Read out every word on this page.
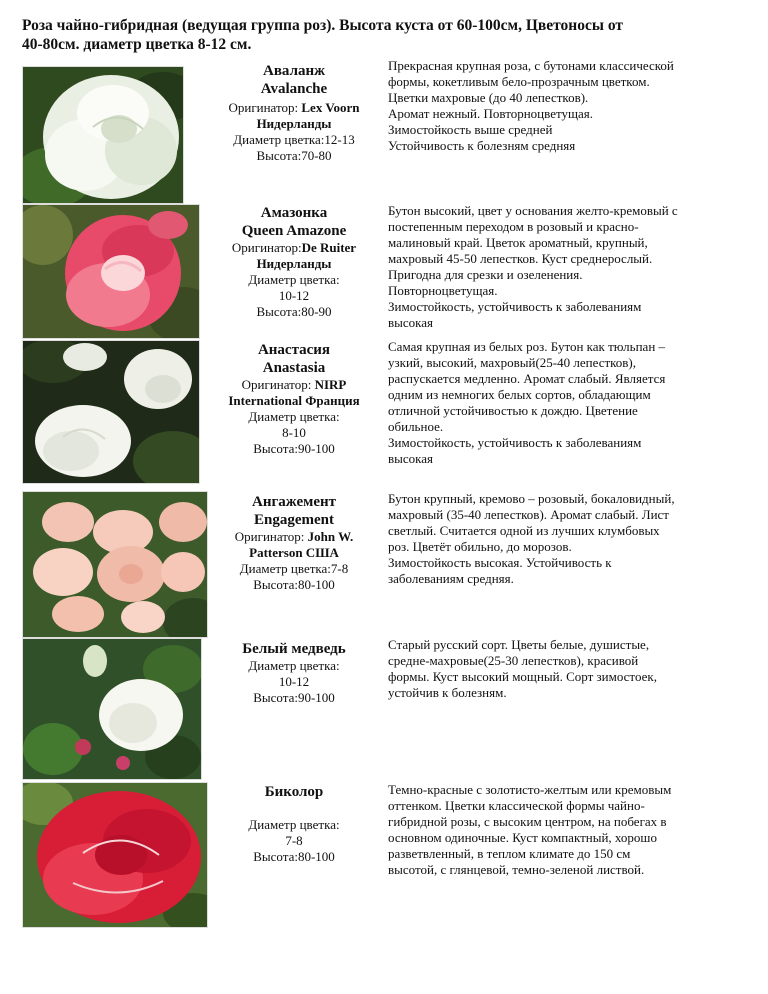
Роза чайно-гибридная (ведущая группа роз). Высота куста от 60-100см, Цветоносы от
40-80см. диаметр цветка 8-12 см.
Аваланж
Avalanche
Оригинатор: Lex Voorn
Нидерланды
Диаметр цветка:12-13
Высота:70-80
Прекрасная крупная роза, с бутонами классической
формы, кокетливым бело-прозрачным цветком.
Цветки махровые (до 40 лепестков).
Аромат нежный. Повторноцветущая.
Зимостойкость выше средней
Устойчивость к болезням средняя
Амазонка
Queen Amazone
Оригинатор:De Ruiter
Нидерланды
Диаметр цветка:
10-12
Высота:80-90
Бутон высокий, цвет у основания желто-кремовый с
постепенным переходом в розовый и красно-
малиновый край. Цветок ароматный, крупный,
махровый 45-50 лепестков. Куст среднерослый.
Пригодна для срезки и озеленения.
Повторноцветущая.
Зимостойкость, устойчивость к заболеваниям
высокая
Анастасия
Anastasia
Оригинатор: NIRP
International Франция
Диаметр цветка:
8-10
Высота:90-100
Самая крупная из белых роз. Бутон как тюльпан –
узкий, высокий, махровый(25-40 лепестков),
распускается медленно. Аромат слабый. Является
одним из немногих белых сортов, обладающим
отличной устойчивостью к дождю. Цветение
обильное.
Зимостойкость, устойчивость к заболеваниям
высокая
Ангажемент
Engagement
Оригинатор: John W.
Patterson США
Диаметр цветка:7-8
Высота:80-100
Бутон крупный, кремово – розовый, бокаловидный,
махровый (35-40 лепестков). Аромат слабый. Лист
светлый. Считается одной из лучших клумбовых
роз. Цветёт обильно, до морозов.
Зимостойкость высокая. Устойчивость к
заболеваниям средняя.
Белый медведь
Диаметр цветка:
10-12
Высота:90-100
Старый русский сорт. Цветы белые, душистые,
средне-махровые(25-30 лепестков), красивой
формы. Куст высокий мощный. Сорт зимостоек,
устойчив к болезням.
Биколор
Диаметр цветка:
7-8
Высота:80-100
Темно-красные с золотисто-желтым или кремовым
оттенком. Цветки классической формы чайно-
гибридной розы, с высоким центром, на побегах в
основном одиночные. Куст компактный, хорошо
разветвленный, в теплом климате до 150 см
высотой, с глянцевой, темно-зеленой листвой.
